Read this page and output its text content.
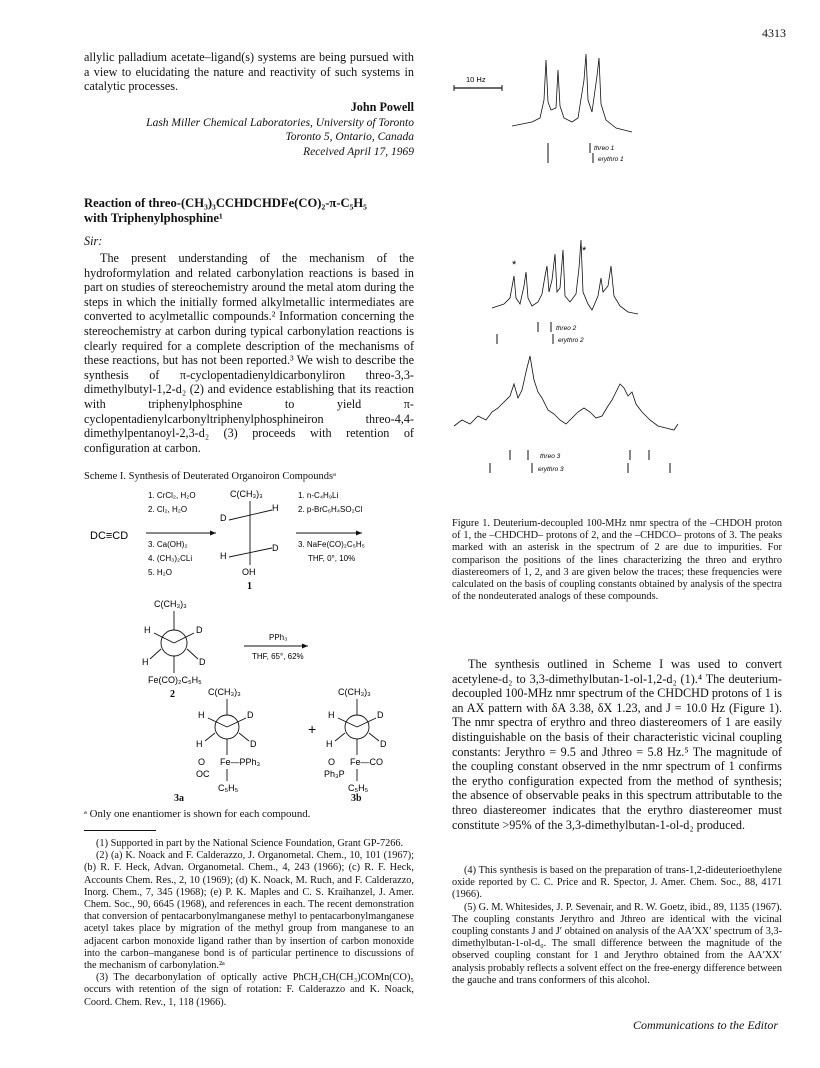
4313

allylic palladium acetate–ligand(s) systems are being pursued with a view to elucidating the nature and reactivity of such systems in catalytic processes.

John Powell
Lash Miller Chemical Laboratories, University of Toronto
Toronto 5, Ontario, Canada
Received April 17, 1969
Reaction of threo-(CH₃)₃CCHDCHDFe(CO)₂-π-C₅H₅
with Triphenylphosphine¹
Sir:

The present understanding of the mechanism of the hydroformylation and related carbonylation reactions is based in part on studies of stereochemistry around the metal atom during the steps in which the initially formed alkylmetallic intermediates are converted to acylmetallic compounds.² Information concerning the stereochemistry at carbon during typical carbonylation reactions is clearly required for a complete description of the mechanisms of these reactions, but has not been reported.³ We wish to describe the synthesis of π-cyclopentadienyldicarbonyliron threo-3,3-dimethylbutyl-1,2-d₂ (2) and evidence establishing that its reaction with triphenylphosphine to yield π-cyclopentadienylcarbonyltriphenylphosphineiron threo-4,4-dimethylpentanoyl-2,3-d₂ (3) proceeds with retention of configuration at carbon.

Scheme I. Synthesis of Deuterated Organoiron Compoundsᵃ
DC≡CD
1. CrCl₂, H₂O
2. Cl₂, H₂O
3. Ca(OH)₂
4. (CH₃)₂CLi
5. H₂O
C(CH₃)₃
D
H
H
D
OH
1
1. n-C₄H₉Li
2. p-BrC₆H₄SO₂Cl
3. NaFe(CO)₂C₅H₅
THF, 0°, 10%
C(CH₃)₃
H	D
H	D
Fe(CO)₂C₅H₅
2
PPh₃
THF, 65°, 62%
C(CH₃)₃
H	D
H	D
O
OC
Fe—PPh₃
C₅H₅
+
C(CH₃)₃
H	D
H	D
O
Ph₃P
Fe—CO
C₅H₅
3a	3b
ᵃ Only one enantiomer is shown for each compound.

(1) Supported in part by the National Science Foundation, Grant GP-7266.

(2) (a) K. Noack and F. Calderazzo, J. Organometal. Chem., 10, 101 (1967); (b) R. F. Heck, Advan. Organometal. Chem., 4, 243 (1966); (c) R. F. Heck, Accounts Chem. Res., 2, 10 (1969); (d) K. Noack, M. Ruch, and F. Calderazzo, Inorg. Chem., 7, 345 (1968); (e) P. K. Maples and C. S. Kraihanzel, J. Amer. Chem. Soc., 90, 6645 (1968), and references in each. The recent demonstration that conversion of pentacarbonylmanganese methyl to pentacarbonylmanganese acetyl takes place by migration of the methyl group from manganese to an adjacent carbon monoxide ligand rather than by insertion of carbon monoxide into the carbon–manganese bond is of particular pertinence to discussions of the mechanism of carbonylation.²ᵃ

(3) The decarbonylation of optically active PhCH₂CH(CH₃)COMn(CO)₅ occurs with retention of the sign of rotation: F. Calderazzo and K. Noack, Coord. Chem. Rev., 1, 118 (1966).

10 Hz
threo 1
erythro 1
*
*
threo 2
erythro 2
threo 3
erythro 3
Figure 1. Deuterium-decoupled 100-MHz nmr spectra of the –CHDOH proton of 1, the –CHDCHD– protons of 2, and the –CHDCO– protons of 3. The peaks marked with an asterisk in the spectrum of 2 are due to impurities. For comparison the positions of the lines characterizing the threo and erythro diastereomers of 1, 2, and 3 are given below the traces; these frequencies were calculated on the basis of coupling constants obtained by analysis of the spectra of the nondeuterated analogs of these compounds.

The synthesis outlined in Scheme I was used to convert acetylene-d₂ to 3,3-dimethylbutan-1-ol-1,2-d₂ (1).⁴ The deuterium-decoupled 100-MHz nmr spectrum of the CHDCHD protons of 1 is an AX pattern with δA 3.38, δX 1.23, and J = 10.0 Hz (Figure 1). The nmr spectra of erythro and threo diastereomers of 1 are easily distinguishable on the basis of their characteristic vicinal coupling constants: Jerythro = 9.5 and Jthreo = 5.8 Hz.⁵ The magnitude of the coupling constant observed in the nmr spectrum of 1 confirms the erytho configuration expected from the method of synthesis; the absence of observable peaks in this spectrum attributable to the threo diastereomer indicates that the erythro diastereomer must constitute >95% of the 3,3-dimethylbutan-1-ol-d₂ produced.

(4) This synthesis is based on the preparation of trans-1,2-dideuterioethylene oxide reported by C. C. Price and R. Spector, J. Amer. Chem. Soc., 88, 4171 (1966).

(5) G. M. Whitesides, J. P. Sevenair, and R. W. Goetz, ibid., 89, 1135 (1967). The coupling constants Jerythro and Jthreo are identical with the vicinal coupling constants J and J′ obtained on analysis of the AA′XX′ spectrum of 3,3-dimethylbutan-1-ol-d₀. The small difference between the magnitude of the observed coupling constant for 1 and Jerythro obtained from the AA′XX′ analysis probably reflects a solvent effect on the free-energy difference between the gauche and trans conformers of this alcohol.

Communications to the Editor
